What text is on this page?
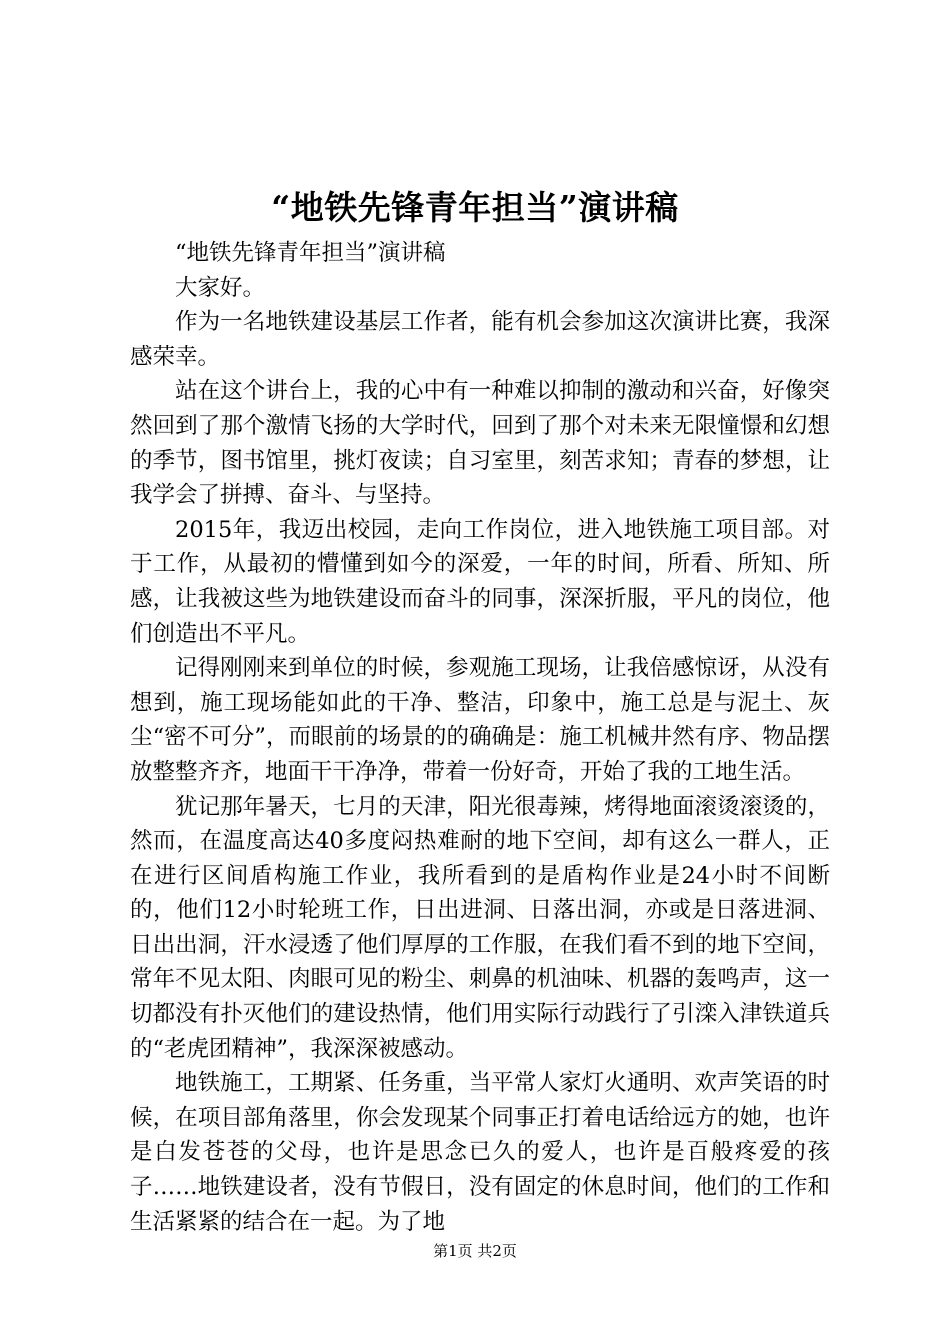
“地铁先锋青年担当”演讲稿

“地铁先锋青年担当”演讲稿

大家好。

作为一名地铁建设基层工作者，能有机会参加这次演讲比赛，我深感荣幸。

站在这个讲台上，我的心中有一种难以抑制的激动和兴奋，好像突然回到了那个激情飞扬的大学时代，回到了那个对未来无限憧憬和幻想的季节，图书馆里，挑灯夜读；自习室里，刻苦求知；青春的梦想，让我学会了拼搏、奋斗、与坚持。

2015年，我迈出校园，走向工作岗位，进入地铁施工项目部。对于工作，从最初的懵懂到如今的深爱，一年的时间，所看、所知、所感，让我被这些为地铁建设而奋斗的同事，深深折服，平凡的岗位，他们创造出不平凡。

记得刚刚来到单位的时候，参观施工现场，让我倍感惊讶，从没有想到，施工现场能如此的干净、整洁，印象中，施工总是与泥土、灰尘“密不可分”，而眼前的场景的的确确是：施工机械井然有序、物品摆放整整齐齐，地面干干净净，带着一份好奇，开始了我的工地生活。

犹记那年暑天，七月的天津，阳光很毒辣，烤得地面滚烫滚烫的，然而，在温度高达40多度闷热难耐的地下空间，却有这么一群人，正在进行区间盾构施工作业，我所看到的是盾构作业是24小时不间断的，他们12小时轮班工作，日出进洞、日落出洞，亦或是日落进洞、日出出洞，汗水浸透了他们厚厚的工作服，在我们看不到的地下空间，常年不见太阳、肉眼可见的粉尘、刺鼻的机油味、机器的轰鸣声，这一切都没有扑灭他们的建设热情，他们用实际行动践行了引滦入津铁道兵的“老虎团精神”，我深深被感动。

地铁施工，工期紧、任务重，当平常人家灯火通明、欢声笑语的时候，在项目部角落里，你会发现某个同事正打着电话给远方的她，也许是白发苍苍的父母，也许是思念已久的爱人，也许是百般疼爱的孩子……地铁建设者，没有节假日，没有固定的休息时间，他们的工作和生活紧紧的结合在一起。为了地

第1页 共2页
